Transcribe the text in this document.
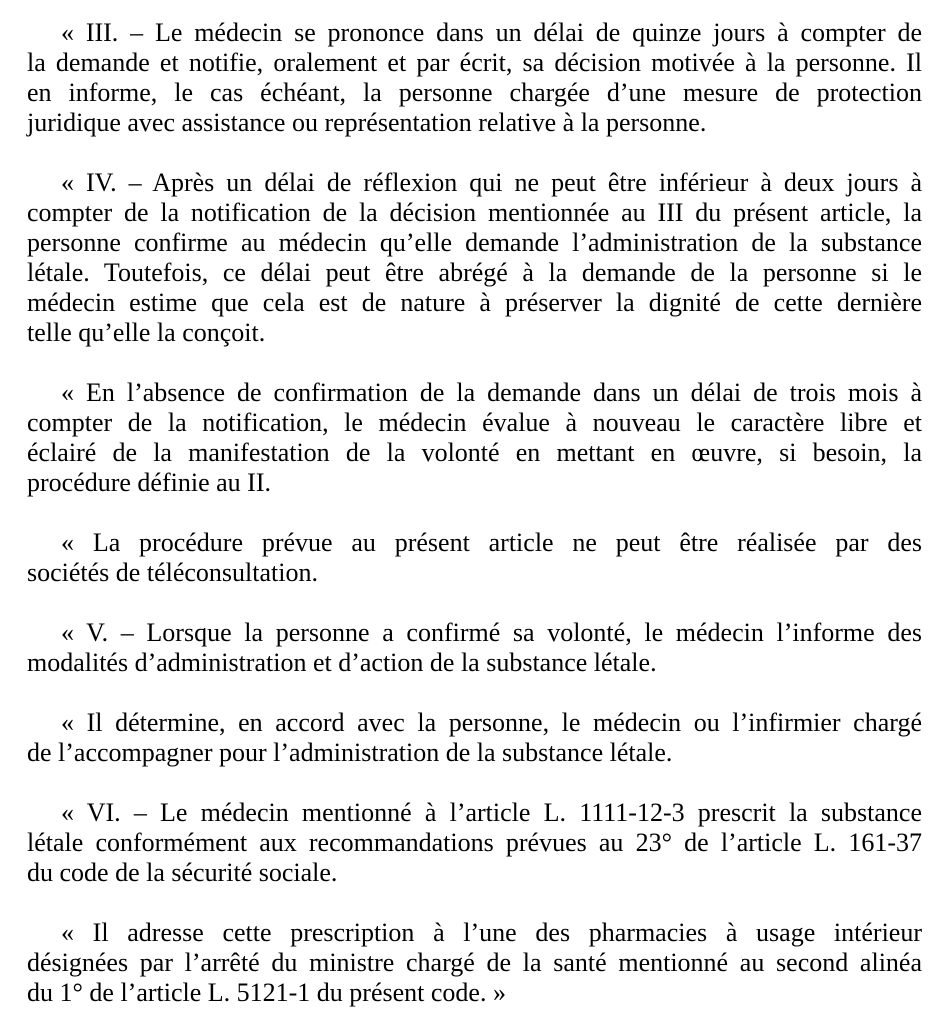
« III. – Le médecin se prononce dans un délai de quinze jours à compter de
la demande et notifie, oralement et par écrit, sa décision motivée à la personne. Il
en informe, le cas échéant, la personne chargée d’une mesure de protection
juridique avec assistance ou représentation relative à la personne.
« IV. – Après un délai de réflexion qui ne peut être inférieur à deux jours à
compter de la notification de la décision mentionnée au III du présent article, la
personne confirme au médecin qu’elle demande l’administration de la substance
létale. Toutefois, ce délai peut être abrégé à la demande de la personne si le
médecin estime que cela est de nature à préserver la dignité de cette dernière
telle qu’elle la conçoit.
« En l’absence de confirmation de la demande dans un délai de trois mois à
compter de la notification, le médecin évalue à nouveau le caractère libre et
éclairé de la manifestation de la volonté en mettant en œuvre, si besoin, la
procédure définie au II.
« La procédure prévue au présent article ne peut être réalisée par des
sociétés de téléconsultation.
« V. – Lorsque la personne a confirmé sa volonté, le médecin l’informe des
modalités d’administration et d’action de la substance létale.
« Il détermine, en accord avec la personne, le médecin ou l’infirmier chargé
de l’accompagner pour l’administration de la substance létale.
« VI. – Le médecin mentionné à l’article L. 1111-12-3 prescrit la substance
létale conformément aux recommandations prévues au 23° de l’article L. 161-37
du code de la sécurité sociale.
« Il adresse cette prescription à l’une des pharmacies à usage intérieur
désignées par l’arrêté du ministre chargé de la santé mentionné au second alinéa
du 1° de l’article L. 5121-1 du présent code. »
